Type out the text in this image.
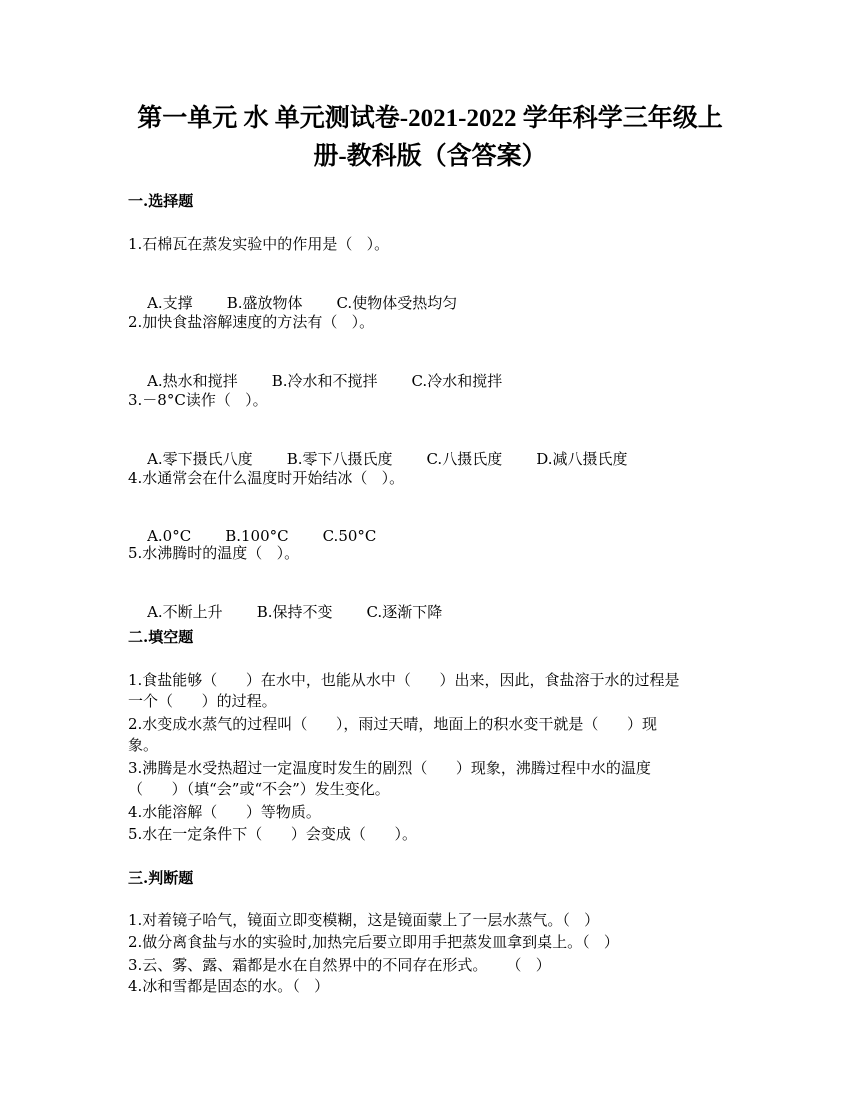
第一单元 水 单元测试卷-2021-2022 学年科学三年级上
册-教科版（含答案）
一.选择题
1.石棉瓦在蒸发实验中的作用是（   ）。

A.支撑 B.盛放物体 C.使物体受热均匀

2.加快食盐溶解速度的方法有（   ）。

A.热水和搅拌 B.冷水和不搅拌 C.冷水和搅拌

3.－8°C读作（   ）。

A.零下摄氏八度 B.零下八摄氏度 C.八摄氏度 D.减八摄氏度

4.水通常会在什么温度时开始结冰（   ）。

A.0°C B.100°C C.50°C

5.水沸腾时的温度（   ）。

A.不断上升 B.保持不变 C.逐渐下降

二.填空题
1.食盐能够（      ）在水中，也能从水中（      ）出来，因此，食盐溶于水的过程是
一个（      ）的过程。
2.水变成水蒸气的过程叫（      ），雨过天晴，地面上的积水变干就是（      ）现
象。
3.沸腾是水受热超过一定温度时发生的剧烈（      ）现象，沸腾过程中水的温度
（      ）（填“会”或“不会”）发生变化。
4.水能溶解（      ）等物质。
5.水在一定条件下（      ）会变成（      ）。
三.判断题
1.对着镜子哈气，镜面立即变模糊，这是镜面蒙上了一层水蒸气。（   ）
2.做分离食盐与水的实验时,加热完后要立即用手把蒸发皿拿到桌上。（   ）
3.云、雾、露、霜都是水在自然界中的不同存在形式。    （   ）
4.冰和雪都是固态的水。（   ）
